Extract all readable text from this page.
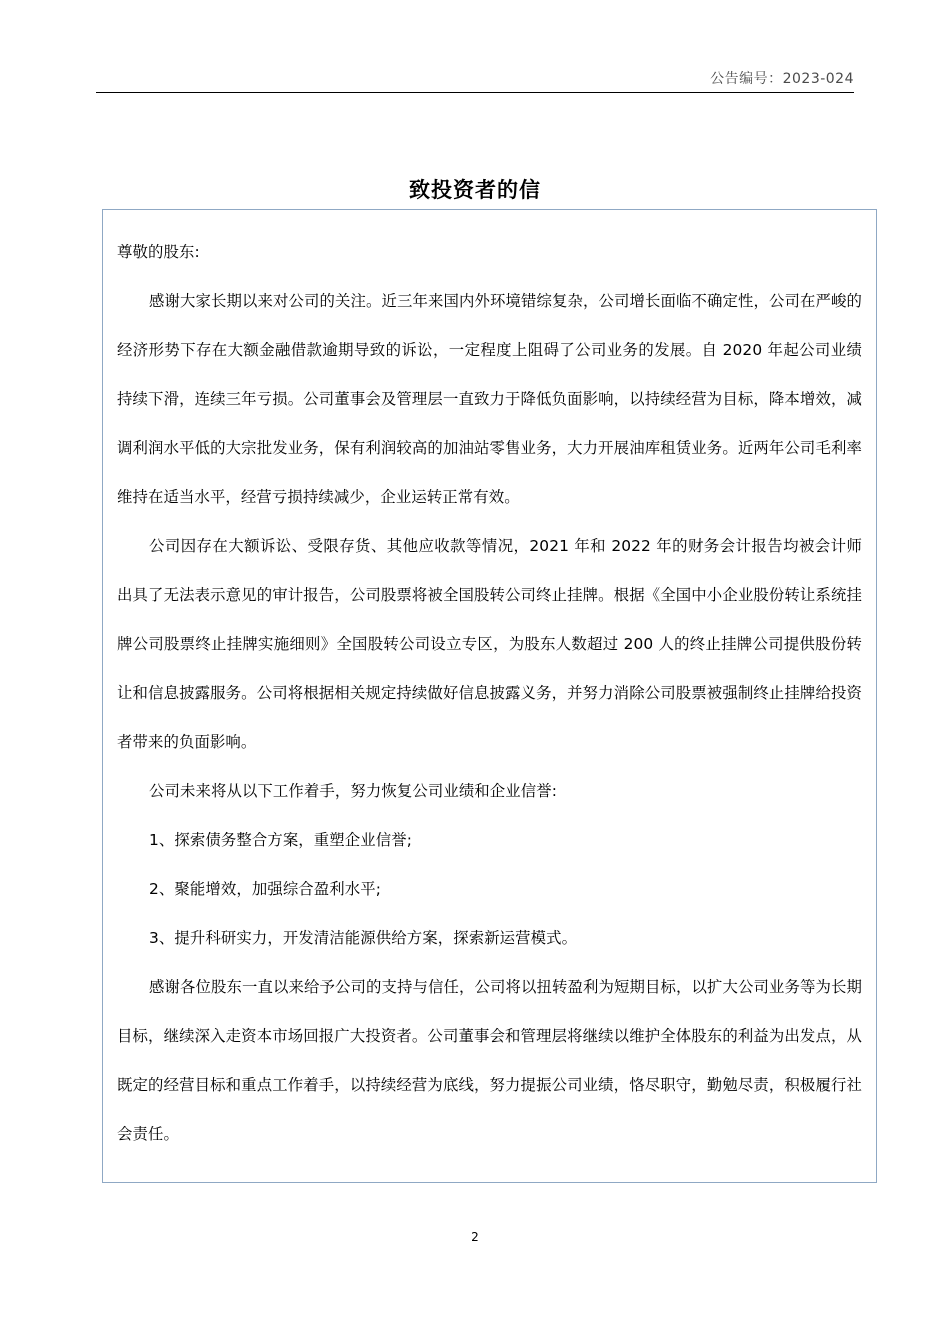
公告编号：2023-024
致投资者的信

尊敬的股东:

感谢大家长期以来对公司的关注。近三年来国内外环境错综复杂，公司增长面临不确定性，公司在严峻的经济形势下存在大额金融借款逾期导致的诉讼，一定程度上阻碍了公司业务的发展。自 2020 年起公司业绩持续下滑，连续三年亏损。公司董事会及管理层一直致力于降低负面影响，以持续经营为目标，降本增效，减调利润水平低的大宗批发业务，保有利润较高的加油站零售业务，大力开展油库租赁业务。近两年公司毛利率维持在适当水平，经营亏损持续减少，企业运转正常有效。

公司因存在大额诉讼、受限存货、其他应收款等情况，2021 年和 2022 年的财务会计报告均被会计师出具了无法表示意见的审计报告，公司股票将被全国股转公司终止挂牌。根据《全国中小企业股份转让系统挂牌公司股票终止挂牌实施细则》全国股转公司设立专区，为股东人数超过 200 人的终止挂牌公司提供股份转让和信息披露服务。公司将根据相关规定持续做好信息披露义务，并努力消除公司股票被强制终止挂牌给投资者带来的负面影响。

公司未来将从以下工作着手，努力恢复公司业绩和企业信誉:

1、探索债务整合方案，重塑企业信誉;

2、聚能增效，加强综合盈利水平;

3、提升科研实力，开发清洁能源供给方案，探索新运营模式。

感谢各位股东一直以来给予公司的支持与信任，公司将以扭转盈利为短期目标，以扩大公司业务等为长期目标，继续深入走资本市场回报广大投资者。公司董事会和管理层将继续以维护全体股东的利益为出发点，从既定的经营目标和重点工作着手，以持续经营为底线，努力提振公司业绩，恪尽职守，勤勉尽责，积极履行社会责任。

2
